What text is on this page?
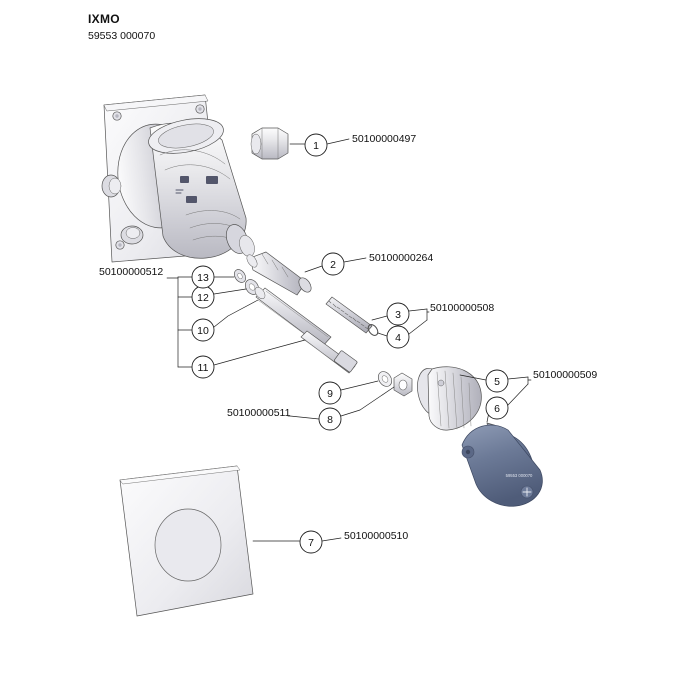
IXMO
59553 000070
59553 000070
1
2
3
4
5
6
7
8
9
10
11
12
13
50100000497
50100000264
50100000508
50100000509
50100000510
50100000511
50100000512
